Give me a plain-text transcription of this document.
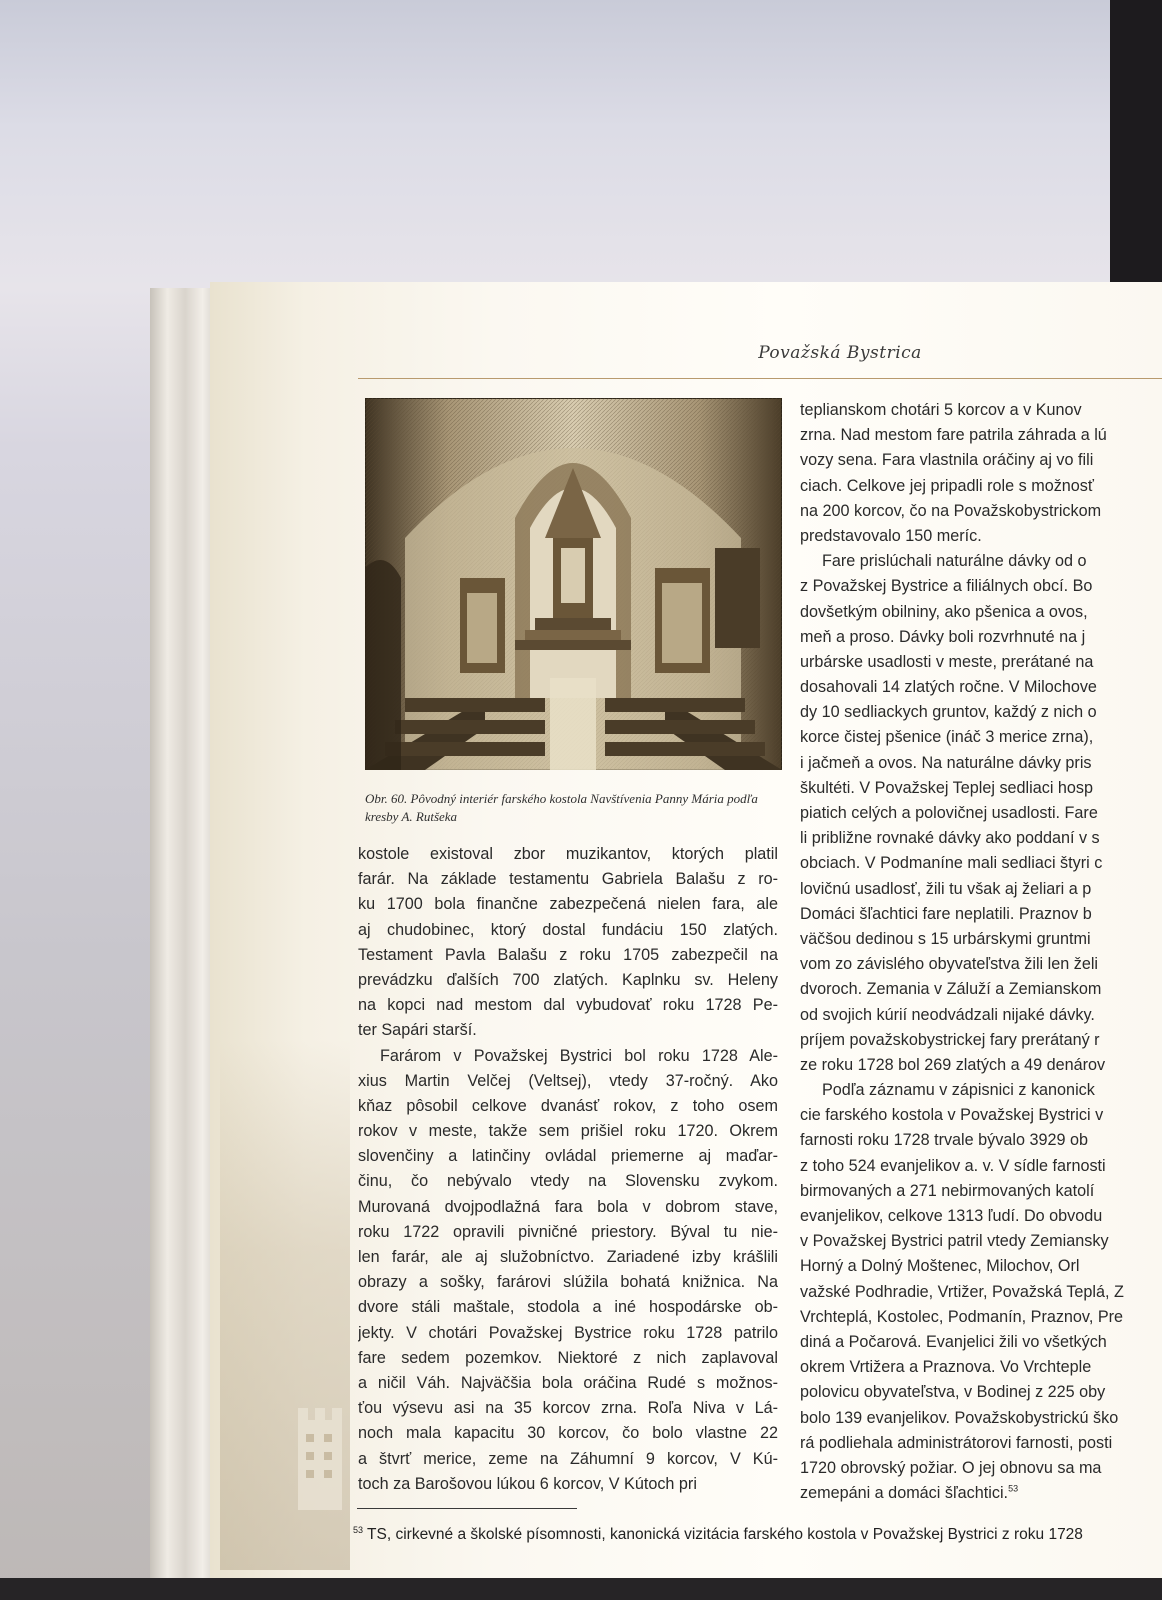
Považská Bystrica
Obr. 60. Pôvodný interiér farského kostola Navštívenia Panny Mária podľa kresby A. Rutšeka
kostole existoval zbor muzikantov, ktorých platil
farár. Na základe testamentu Gabriela Balašu z ro-
ku 1700 bola finančne zabezpečená nielen fara, ale
aj chudobinec, ktorý dostal fundáciu 150 zlatých.
Testament Pavla Balašu z roku 1705 zabezpečil na
prevádzku ďalších 700 zlatých. Kaplnku sv. Heleny
na kopci nad mestom dal vybudovať roku 1728 Pe-
ter Sapári starší.
Farárom v Považskej Bystrici bol roku 1728 Ale-
xius Martin Velčej (Veltsej), vtedy 37-ročný. Ako
kňaz pôsobil celkove dvanásť rokov, z toho osem
rokov v meste, takže sem prišiel roku 1720. Okrem
slovenčiny a latinčiny ovládal priemerne aj maďar-
činu, čo nebývalo vtedy na Slovensku zvykom.
Murovaná dvojpodlažná fara bola v dobrom stave,
roku 1722 opravili pivničné priestory. Býval tu nie-
len farár, ale aj služobníctvo. Zariadené izby krášlili
obrazy a sošky, farárovi slúžila bohatá knižnica. Na
dvore stáli maštale, stodola a iné hospodárske ob-
jekty. V chotári Považskej Bystrice roku 1728 patrilo
fare sedem pozemkov. Niektoré z nich zaplavoval
a ničil Váh. Najväčšia bola oráčina Rudé s možnos-
ťou výsevu asi na 35 korcov zrna. Roľa Niva v Lá-
noch mala kapacitu 30 korcov, čo bolo vlastne 22
a štvrť merice, zeme na Záhumní 9 korcov, V Kú-
toch za Barošovou lúkou 6 korcov, V Kútoch pri
teplianskom chotári 5 korcov a v Kunov
zrna. Nad mestom fare patrila záhrada a lú
vozy sena. Fara vlastnila oráčiny aj vo fili
ciach. Celkove jej pripadli role s možnosť
na 200 korcov, čo na Považskobystrickom
predstavovalo 150 meríc.
Fare prislúchali naturálne dávky od o
z Považskej Bystrice a filiálnych obcí. Bo
dovšetkým obilniny, ako pšenica a ovos,
meň a proso. Dávky boli rozvrhnuté na j
urbárske usadlosti v meste, prerátané na
dosahovali 14 zlatých ročne. V Milochove
dy 10 sedliackych gruntov, každý z nich o
korce čistej pšenice (ináč 3 merice zrna),
i jačmeň a ovos. Na naturálne dávky pris
škultéti. V Považskej Teplej sedliaci hosp
piatich celých a polovičnej usadlosti. Fare
li približne rovnaké dávky ako poddaní v s
obciach. V Podmaníne mali sedliaci štyri c
lovičnú usadlosť, žili tu však aj želiari a p
Domáci šľachtici fare neplatili. Praznov b
väčšou dedinou s 15 urbárskymi gruntmi
vom zo závislého obyvateľstva žili len želi
dvoroch. Zemania v Záluží a Zemianskom
od svojich kúrií neodvádzali nijaké dávky.
príjem považskobystrickej fary prerátaný r
ze roku 1728 bol 269 zlatých a 49 denárov
Podľa záznamu v zápisnici z kanonick
cie farského kostola v Považskej Bystrici v
farnosti roku 1728 trvale bývalo 3929 ob
z toho 524 evanjelikov a. v. V sídle farnosti
birmovaných a 271 nebirmovaných katolí
evanjelikov, celkove 1313 ľudí. Do obvodu
v Považskej Bystrici patril vtedy Zemiansky
Horný a Dolný Moštenec, Milochov, Orl
važské Podhradie, Vrtižer, Považská Teplá, Z
Vrchteplá, Kostolec, Podmanín, Praznov, Pre
diná a Počarová. Evanjelici žili vo všetkých
okrem Vrtižera a Praznova. Vo Vrchteple
polovicu obyvateľstva, v Bodinej z 225 oby
bolo 139 evanjelikov. Považskobystrickú ško
rá podliehala administrátorovi farnosti, posti
1720 obrovský požiar. O jej obnovu sa ma
zemepáni a domáci šľachtici.$^{53}$
$^{53}$ TS, cirkevné a školské písomnosti, kanonická vizitácia farského kostola v Považskej Bystrici z roku 1728
